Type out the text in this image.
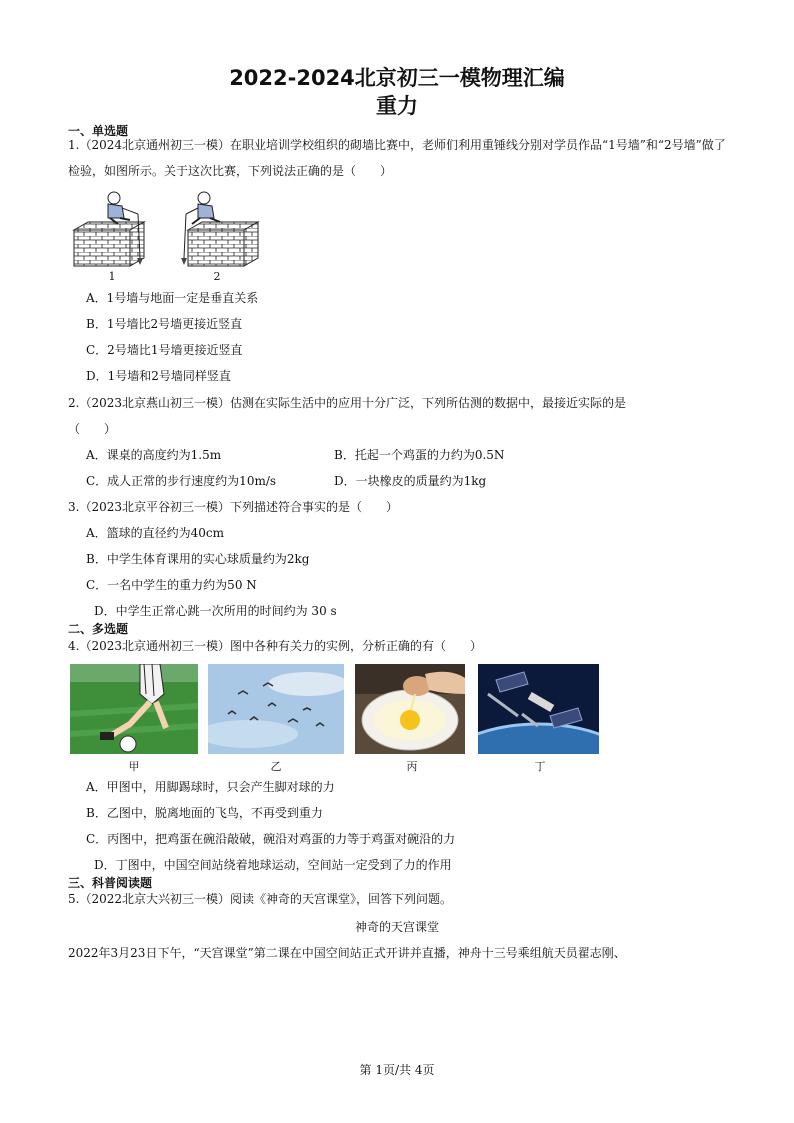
2022-2024北京初三一模物理汇编
重力
一、单选题
1.（2024北京通州初三一模）在职业培训学校组织的砌墙比赛中，老师们利用重锤线分别对学员作品“1号墙”和“2号墙”做了检验，如图所示。关于这次比赛，下列说法正确的是（　　）
1	2
A．1号墙与地面一定是垂直关系
B．1号墙比2号墙更接近竖直
C．2号墙比1号墙更接近竖直
D．1号墙和2号墙同样竖直
2.（2023北京燕山初三一模）估测在实际生活中的应用十分广泛，下列所估测的数据中，最接近实际的是
（　　）
A．课桌的高度约为1.5m	B．托起一个鸡蛋的力约为0.5N
C．成人正常的步行速度约为10m/s	D．一块橡皮的质量约为1kg
3.（2023北京平谷初三一模）下列描述符合事实的是（　　）
A．篮球的直径约为40cm
B．中学生体育课用的实心球质量约为2kg
C．一名中学生的重力约为50 N
D．中学生正常心跳一次所用的时间约为 30 s
二、多选题
4.（2023北京通州初三一模）图中各种有关力的实例，分析正确的有（　　）
甲	乙	丙	丁
A．甲图中，用脚踢球时，只会产生脚对球的力
B．乙图中，脱离地面的飞鸟，不再受到重力
C．丙图中，把鸡蛋在碗沿敲破，碗沿对鸡蛋的力等于鸡蛋对碗沿的力
D．丁图中，中国空间站绕着地球运动，空间站一定受到了力的作用
三、科普阅读题
5.（2022北京大兴初三一模）阅读《神奇的天宫课堂》，回答下列问题。
神奇的天宫课堂
2022年3月23日下午，“天宫课堂”第二课在中国空间站正式开讲并直播，神舟十三号乘组航天员翟志刚、
第 1页/共 4页
